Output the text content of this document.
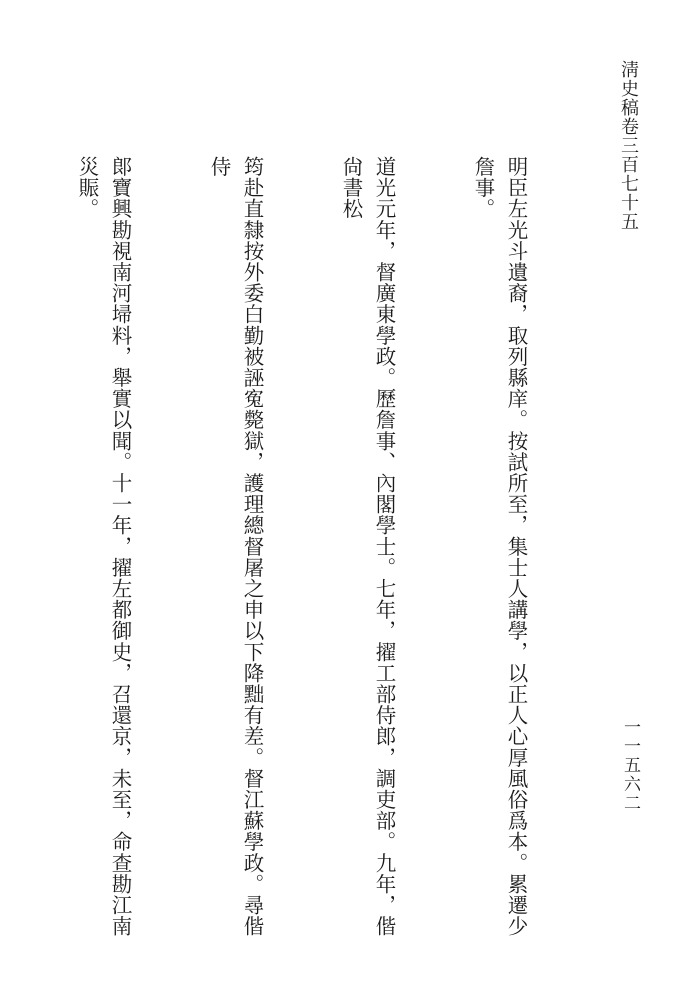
淸史稿卷三百七十五
一一五六二

明臣左光斗遺裔，取列縣庠。按試所至，集士人講學，以正人心厚風俗爲本。累遷少詹事。

道光元年，督廣東學政。歷詹事、內閣學士。七年，擢工部侍郎，調吏部。九年，偕尙書松

筠赴直隸按外委白勤被誣寃斃獄，護理總督屠之申以下降黜有差。督江蘇學政。尋偕侍

郞寶興勘視南河埽料，舉實以聞。十一年，擢左都御史，召還京，未至，命查勘江南災賑。
